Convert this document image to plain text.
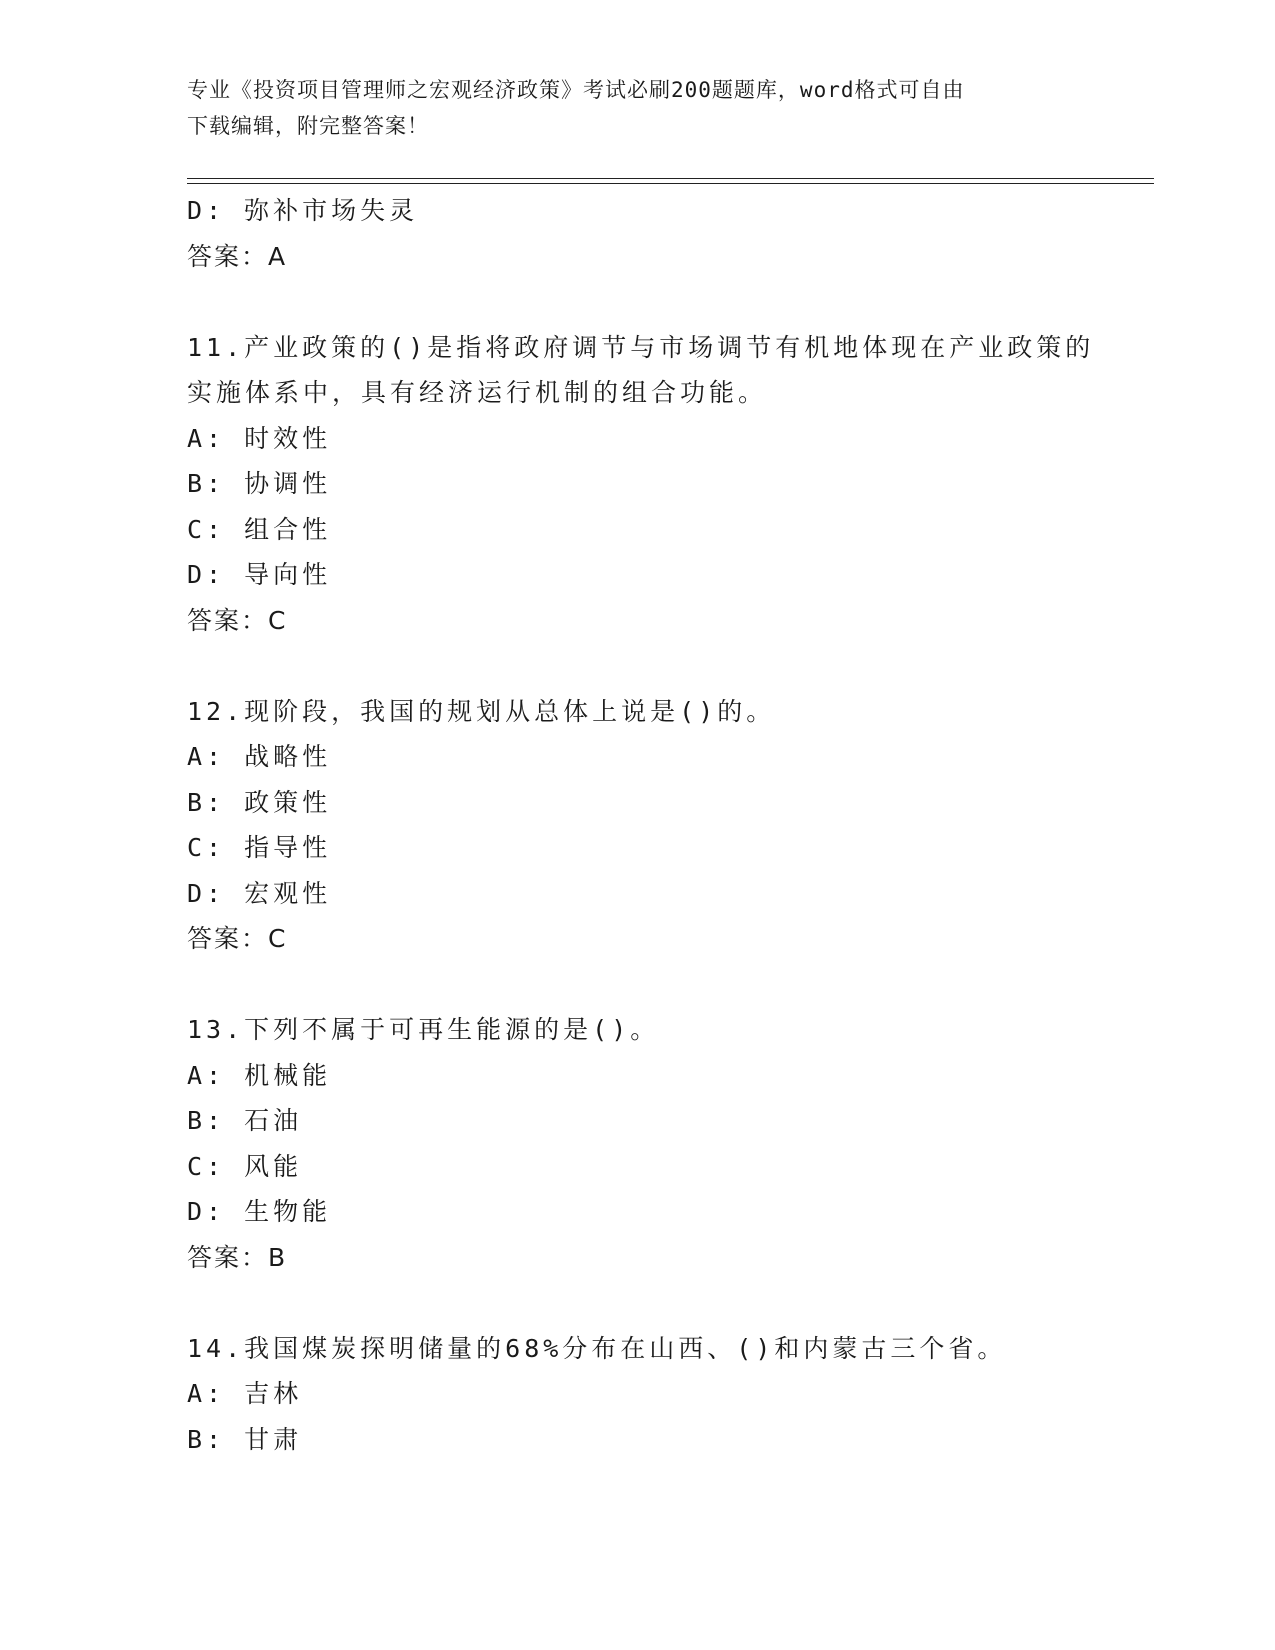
专业《投资项目管理师之宏观经济政策》考试必刷200题题库，word格式可自由
下载编辑，附完整答案！
D: 弥补市场失灵
答案：A
11.产业政策的()是指将政府调节与市场调节有机地体现在产业政策的
实施体系中，具有经济运行机制的组合功能。
A: 时效性
B: 协调性
C: 组合性
D: 导向性
答案：C
12.现阶段，我国的规划从总体上说是()的。
A: 战略性
B: 政策性
C: 指导性
D: 宏观性
答案：C
13.下列不属于可再生能源的是()。
A: 机械能
B: 石油
C: 风能
D: 生物能
答案：B
14.我国煤炭探明储量的68%分布在山西、()和内蒙古三个省。
A: 吉林
B: 甘肃
